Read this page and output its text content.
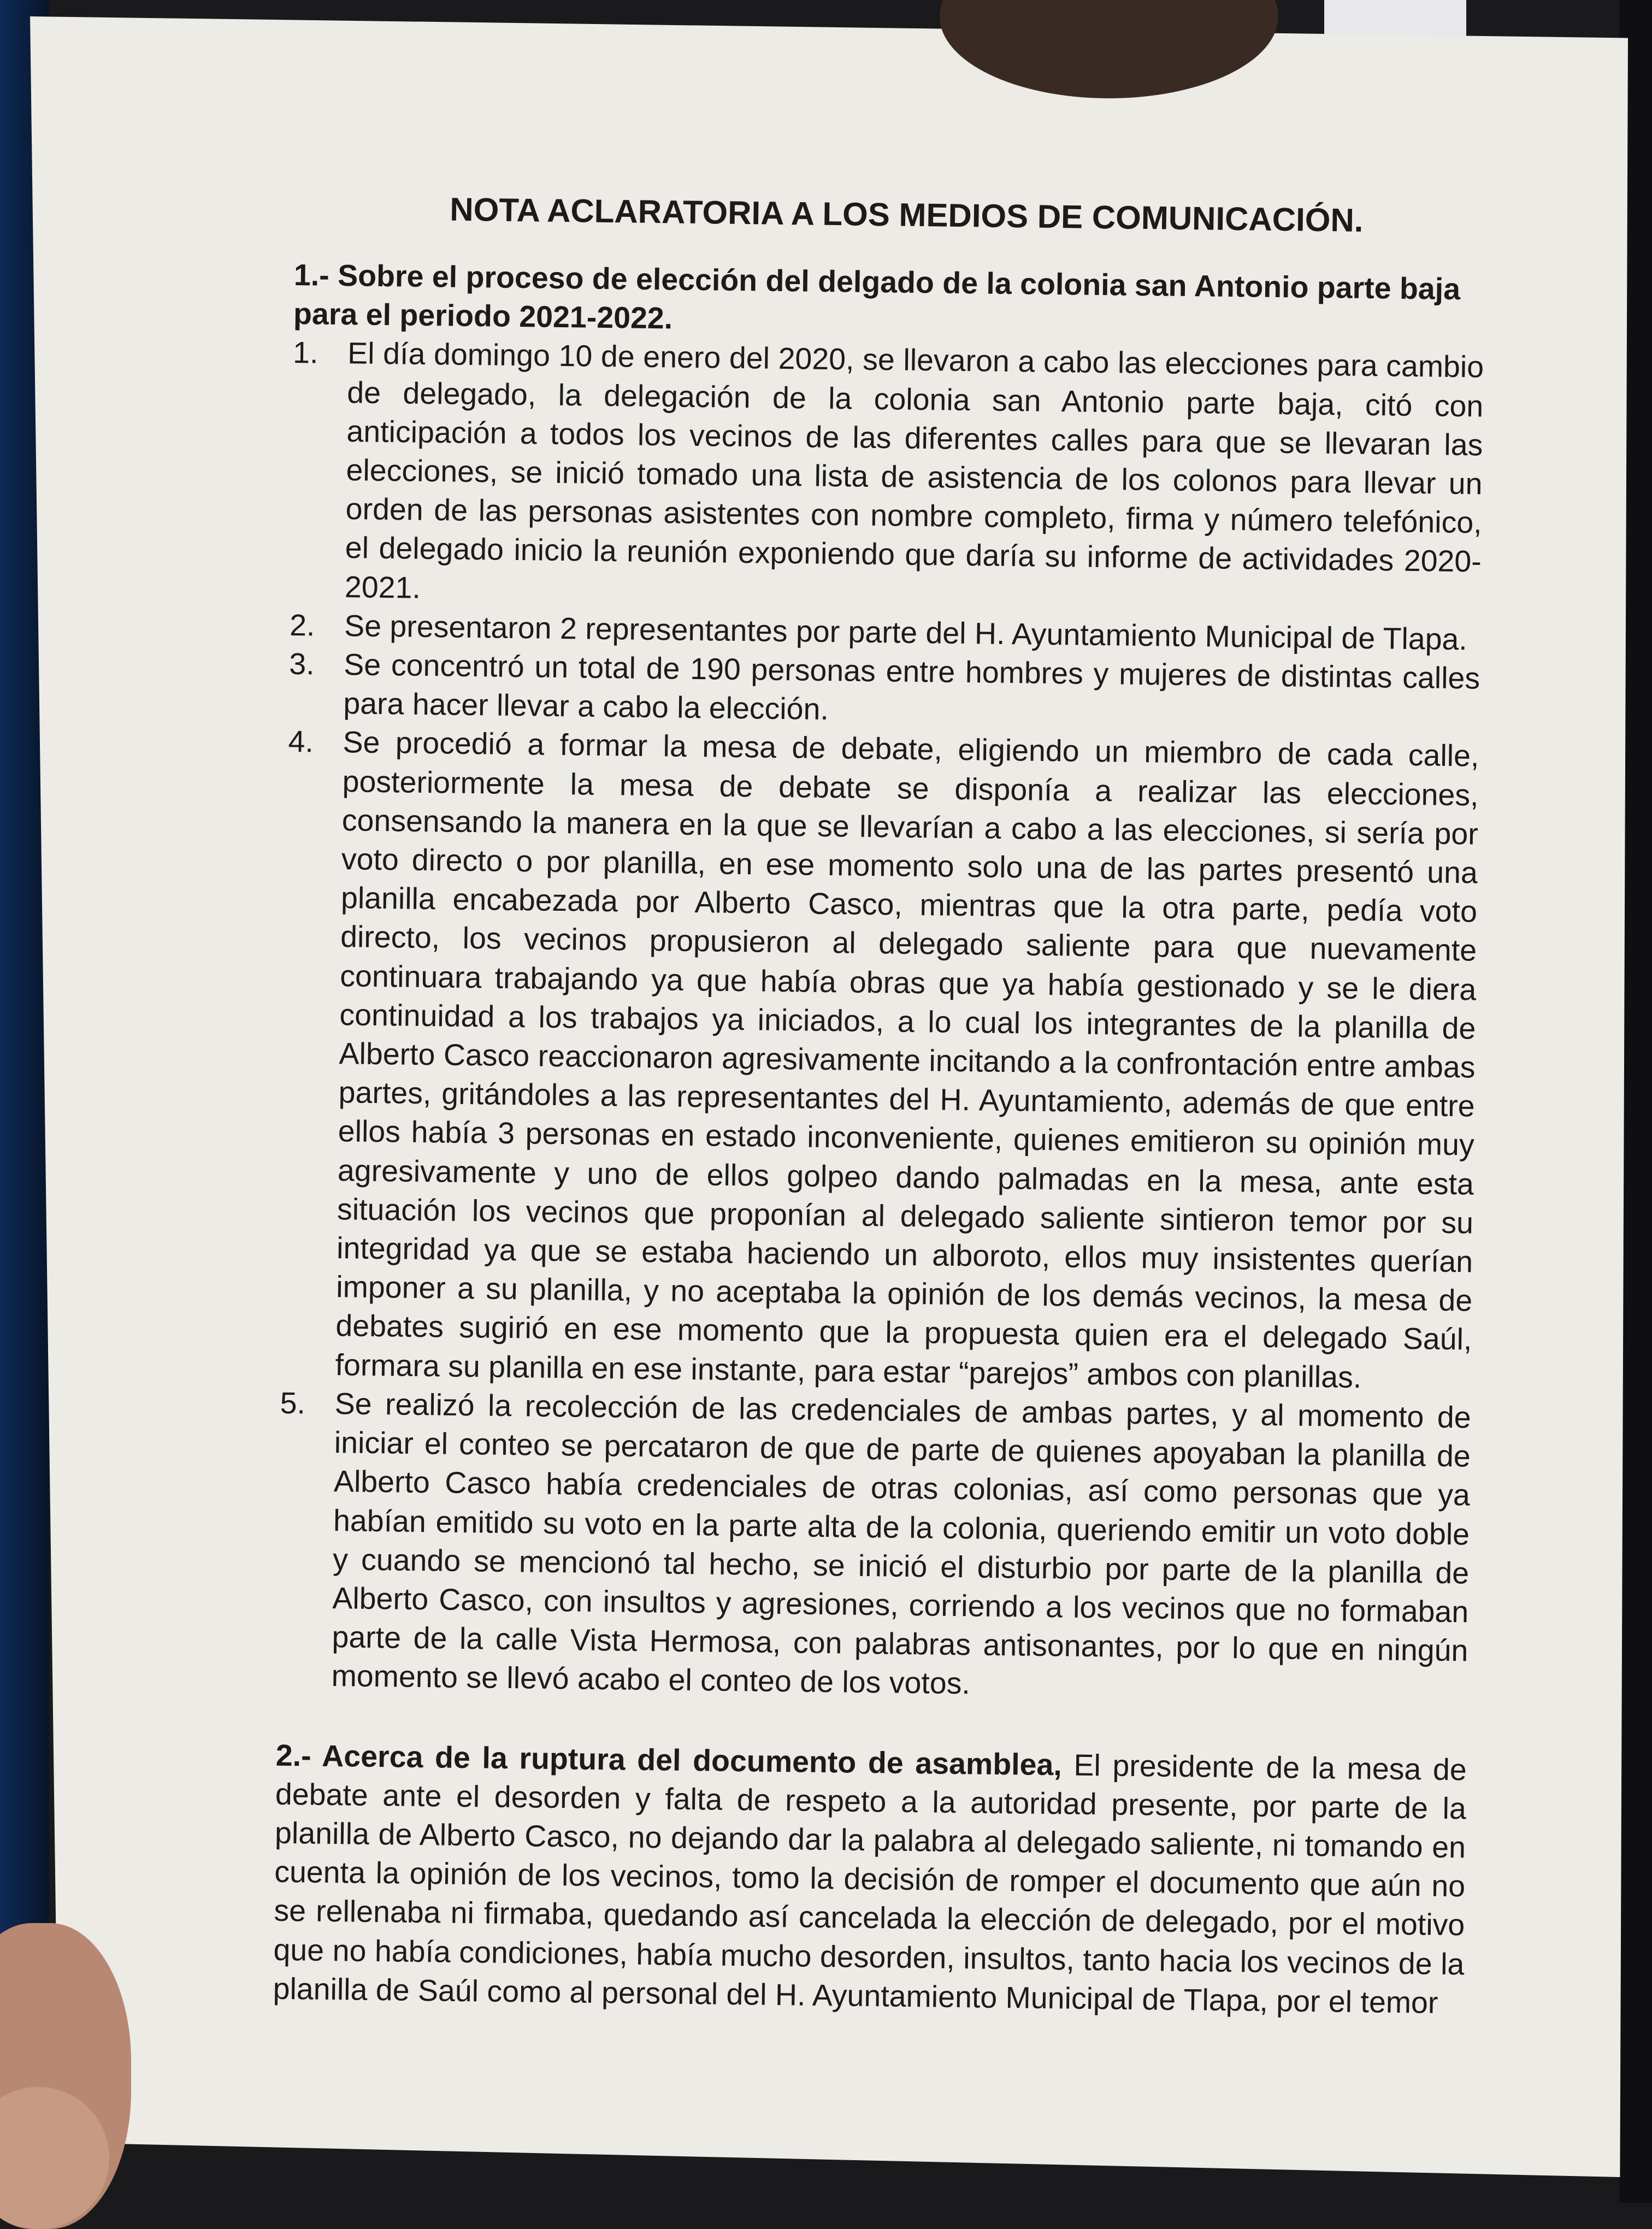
NOTA ACLARATORIA A LOS MEDIOS DE COMUNICACIÓN.

1.- Sobre el proceso de elección del delgado de la colonia san Antonio parte baja para el periodo 2021-2022.

1. El día domingo 10 de enero del 2020, se llevaron a cabo las elecciones para cambio de delegado, la delegación de la colonia san Antonio parte baja, citó con anticipación a todos los vecinos de las diferentes calles para que se llevaran las elecciones, se inició tomado una lista de asistencia de los colonos para llevar un orden de las personas asistentes con nombre completo, firma y número telefónico, el delegado inicio la reunión exponiendo que daría su informe de actividades 2020-2021.
2. Se presentaron 2 representantes por parte del H. Ayuntamiento Municipal de Tlapa.
3. Se concentró un total de 190 personas entre hombres y mujeres de distintas calles para hacer llevar a cabo la elección.
4. Se procedió a formar la mesa de debate, eligiendo un miembro de cada calle, posteriormente la mesa de debate se disponía a realizar las elecciones, consensando la manera en la que se llevarían a cabo a las elecciones, si sería por voto directo o por planilla, en ese momento solo una de las partes presentó una planilla encabezada por Alberto Casco, mientras que la otra parte, pedía voto directo, los vecinos propusieron al delegado saliente para que nuevamente continuara trabajando ya que había obras que ya había gestionado y se le diera continuidad a los trabajos ya iniciados, a lo cual los integrantes de la planilla de Alberto Casco reaccionaron agresivamente incitando a la confrontación entre ambas partes, gritándoles a las representantes del H. Ayuntamiento, además de que entre ellos había 3 personas en estado inconveniente, quienes emitieron su opinión muy agresivamente y uno de ellos golpeo dando palmadas en la mesa, ante esta situación los vecinos que proponían al delegado saliente sintieron temor por su integridad ya que se estaba haciendo un alboroto, ellos muy insistentes querían imponer a su planilla, y no aceptaba la opinión de los demás vecinos, la mesa de debates sugirió en ese momento que la propuesta quien era el delegado Saúl, formara su planilla en ese instante, para estar “parejos” ambos con planillas.
5. Se realizó la recolección de las credenciales de ambas partes, y al momento de iniciar el conteo se percataron de que de parte de quienes apoyaban la planilla de Alberto Casco había credenciales de otras colonias, así como personas que ya habían emitido su voto en la parte alta de la colonia, queriendo emitir un voto doble y cuando se mencionó tal hecho, se inició el disturbio por parte de la planilla de Alberto Casco, con insultos y agresiones, corriendo a los vecinos que no formaban parte de la calle Vista Hermosa, con palabras antisonantes, por lo que en ningún momento se llevó acabo el conteo de los votos.

2.- Acerca de la ruptura del documento de asamblea, El presidente de la mesa de debate ante el desorden y falta de respeto a la autoridad presente, por parte de la planilla de Alberto Casco, no dejando dar la palabra al delegado saliente, ni tomando en cuenta la opinión de los vecinos, tomo la decisión de romper el documento que aún no se rellenaba ni firmaba, quedando así cancelada la elección de delegado, por el motivo que no había condiciones, había mucho desorden, insultos, tanto hacia los vecinos de la planilla de Saúl como al personal del H. Ayuntamiento Municipal de Tlapa, por el temor
